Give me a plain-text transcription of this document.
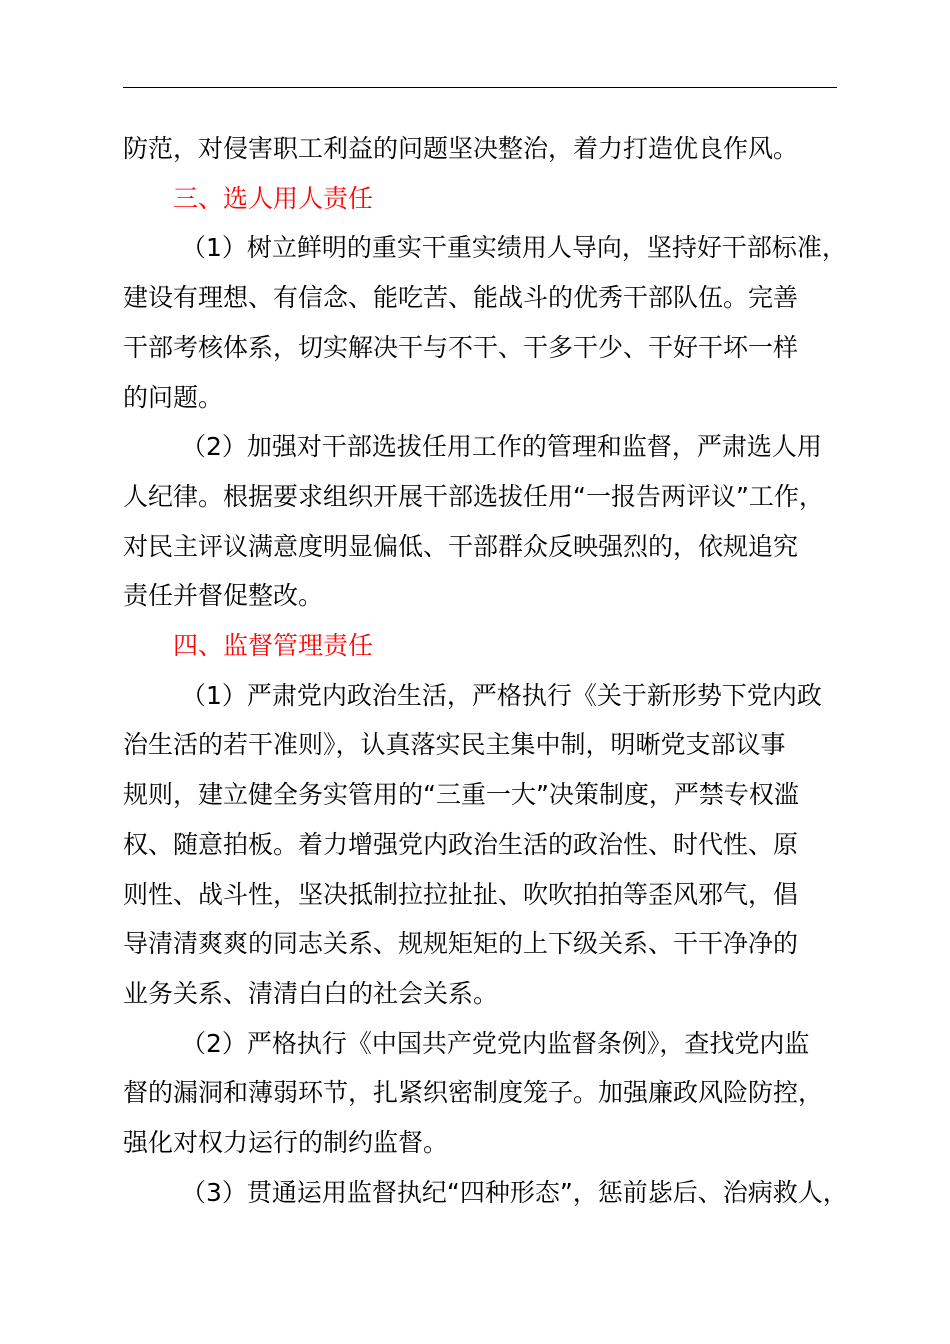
防范，对侵害职工利益的问题坚决整治，着力打造优良作风。

三、选人用人责任

（1）树立鲜明的重实干重实绩用人导向，坚持好干部标准，

建设有理想、有信念、能吃苦、能战斗的优秀干部队伍。完善

干部考核体系，切实解决干与不干、干多干少、干好干坏一样

的问题。

（2）加强对干部选拔任用工作的管理和监督，严肃选人用

人纪律。根据要求组织开展干部选拔任用“一报告两评议”工作，

对民主评议满意度明显偏低、干部群众反映强烈的，依规追究

责任并督促整改。

四、监督管理责任

（1）严肃党内政治生活，严格执行《关于新形势下党内政

治生活的若干准则》，认真落实民主集中制，明晰党支部议事

规则，建立健全务实管用的“三重一大”决策制度，严禁专权滥

权、随意拍板。着力增强党内政治生活的政治性、时代性、原

则性、战斗性，坚决抵制拉拉扯扯、吹吹拍拍等歪风邪气，倡

导清清爽爽的同志关系、规规矩矩的上下级关系、干干净净的

业务关系、清清白白的社会关系。

（2）严格执行《中国共产党党内监督条例》，查找党内监

督的漏洞和薄弱环节，扎紧织密制度笼子。加强廉政风险防控，

强化对权力运行的制约监督。

（3）贯通运用监督执纪“四种形态”，惩前毖后、治病救人，
